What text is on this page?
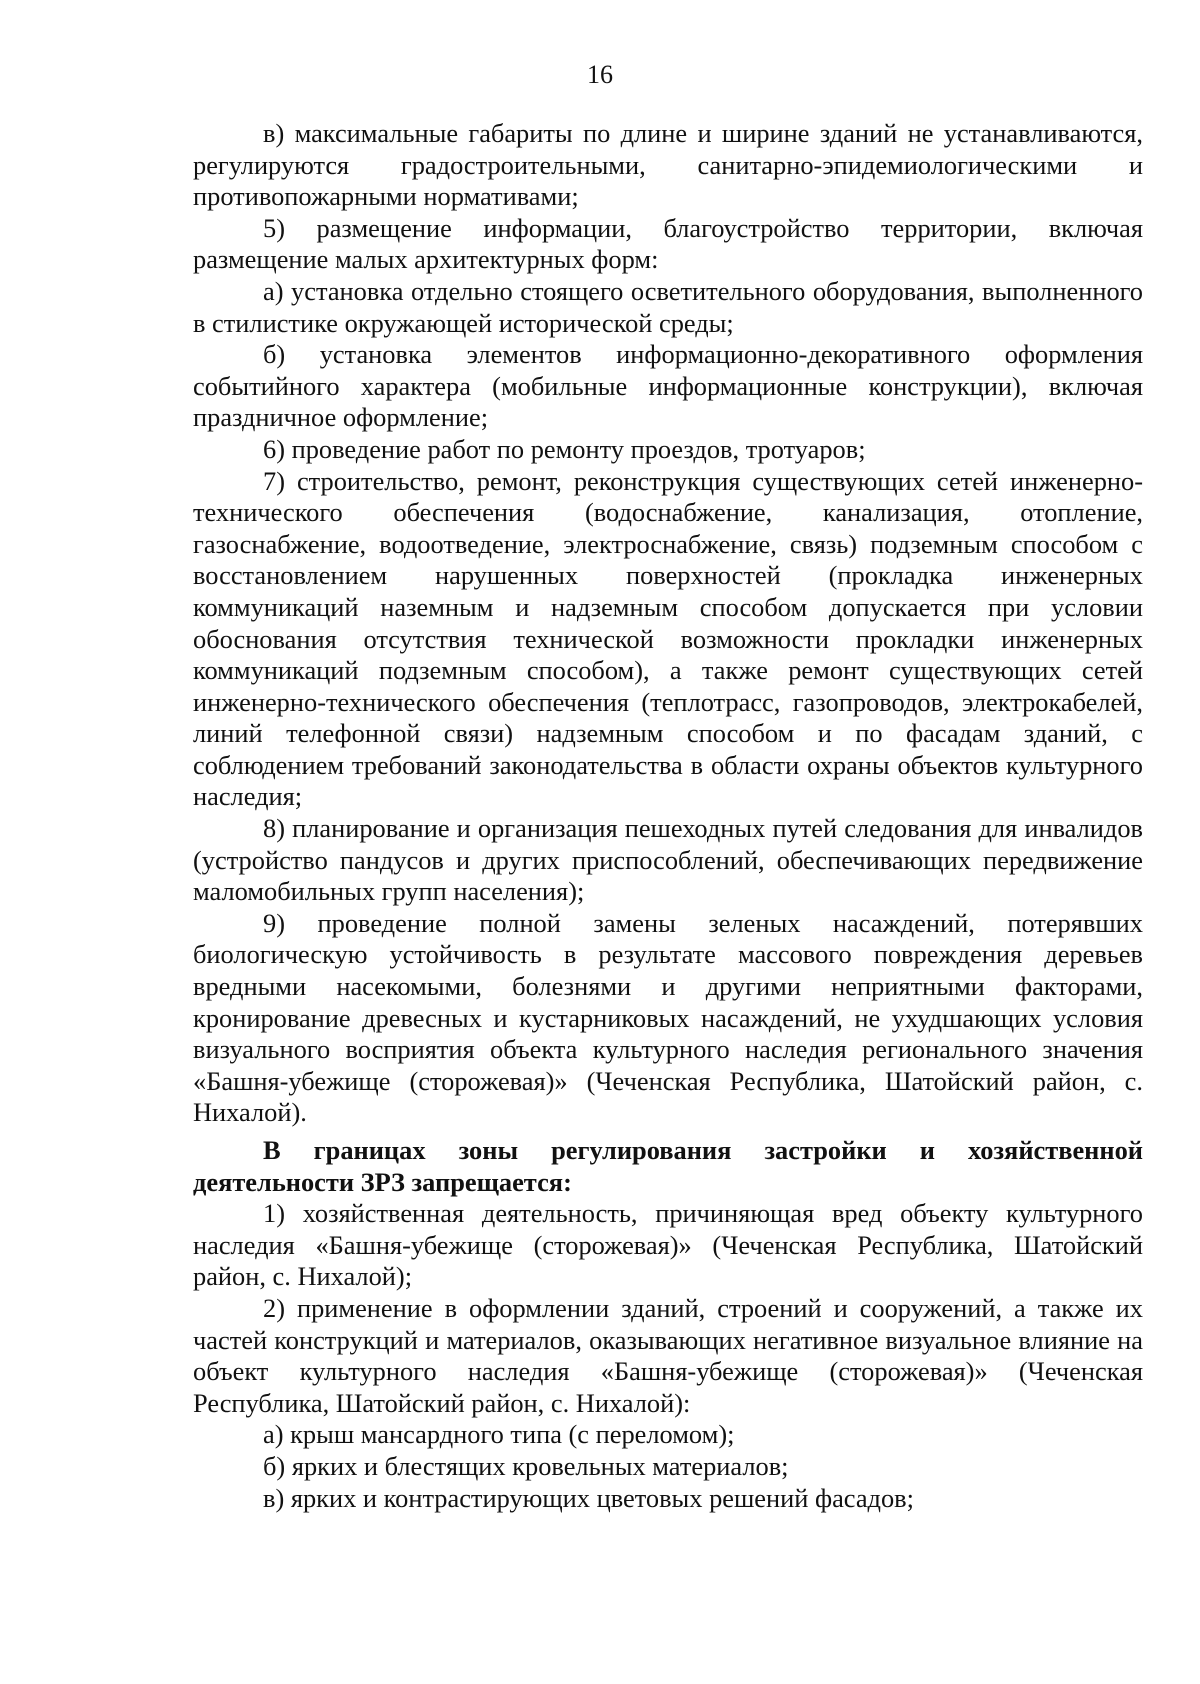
16

в) максимальные габариты по длине и ширине зданий не устанавливаются, регулируются градостроительными, санитарно-эпидемиологическими и противопожарными нормативами;

5) размещение информации, благоустройство территории, включая размещение малых архитектурных форм:

а) установка отдельно стоящего осветительного оборудования, выполненного в стилистике окружающей исторической среды;

б) установка элементов информационно-декоративного оформления событийного характера (мобильные информационные конструкции), включая праздничное оформление;

6) проведение работ по ремонту проездов, тротуаров;

7) строительство, ремонт, реконструкция существующих сетей инженерно-технического обеспечения (водоснабжение, канализация, отопление, газоснабжение, водоотведение, электроснабжение, связь) подземным способом с восстановлением нарушенных поверхностей (прокладка инженерных коммуникаций наземным и надземным способом допускается при условии обоснования отсутствия технической возможности прокладки инженерных коммуникаций подземным способом), а также ремонт существующих сетей инженерно-технического обеспечения (теплотрасс, газопроводов, электрокабелей, линий телефонной связи) надземным способом и по фасадам зданий, с соблюдением требований законодательства в области охраны объектов культурного наследия;

8) планирование и организация пешеходных путей следования для инвалидов (устройство пандусов и других приспособлений, обеспечивающих передвижение маломобильных групп населения);

9) проведение полной замены зеленых насаждений, потерявших биологическую устойчивость в результате массового повреждения деревьев вредными насекомыми, болезнями и другими неприятными факторами, кронирование древесных и кустарниковых насаждений, не ухудшающих условия визуального восприятия объекта культурного наследия регионального значения «Башня-убежище (сторожевая)» (Чеченская Республика, Шатойский район, с. Нихалой).

В границах зоны регулирования застройки и хозяйственной деятельности ЗРЗ запрещается:

1) хозяйственная деятельность, причиняющая вред объекту культурного наследия «Башня-убежище (сторожевая)» (Чеченская Республика, Шатойский район, с. Нихалой);

2) применение в оформлении зданий, строений и сооружений, а также их частей конструкций и материалов, оказывающих негативное визуальное влияние на объект культурного наследия «Башня-убежище (сторожевая)» (Чеченская Республика, Шатойский район, с. Нихалой):

а) крыш мансардного типа (с переломом);

б) ярких и блестящих кровельных материалов;

в) ярких и контрастирующих цветовых решений фасадов;
